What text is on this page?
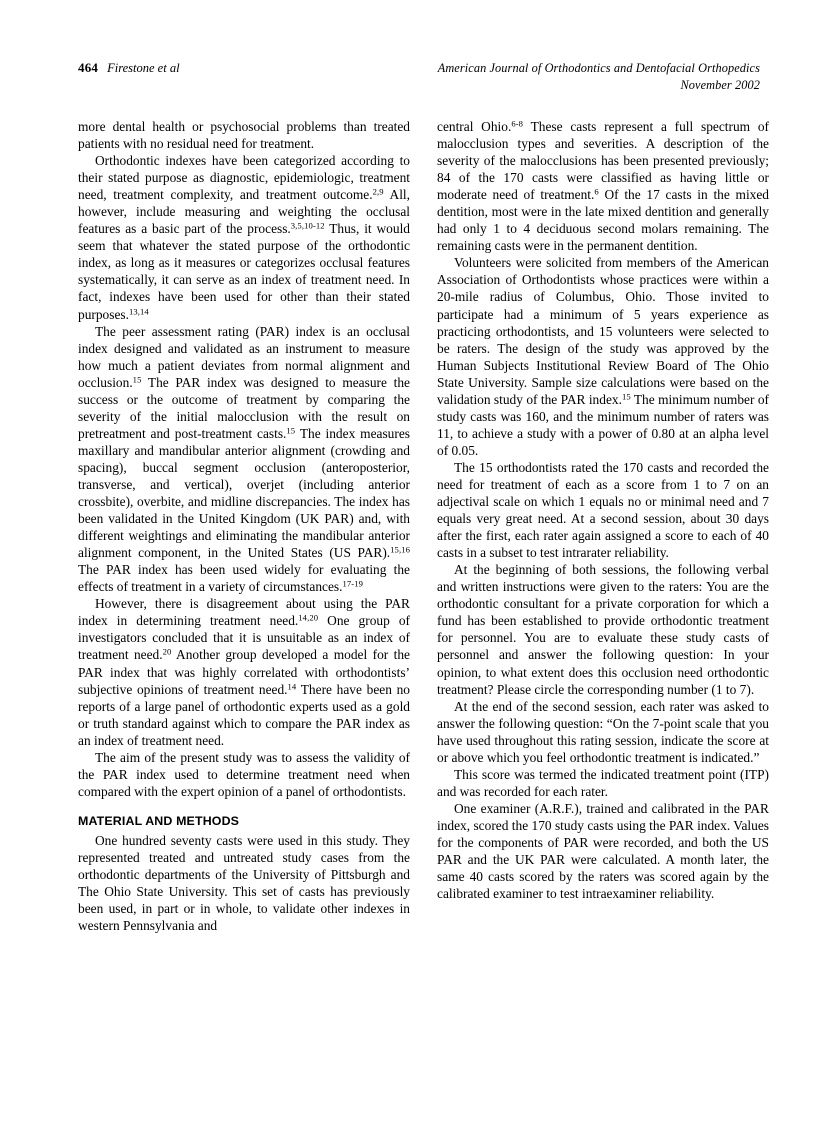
464 Firestone et al	American Journal of Orthodontics and Dentofacial Orthopedics
November 2002

more dental health or psychosocial problems than treated patients with no residual need for treatment.

Orthodontic indexes have been categorized according to their stated purpose as diagnostic, epidemiologic, treatment need, treatment complexity, and treatment outcome.$^{2,9}$ All, however, include measuring and weighting the occlusal features as a basic part of the process.$^{3,5,10-12}$ Thus, it would seem that whatever the stated purpose of the orthodontic index, as long as it measures or categorizes occlusal features systematically, it can serve as an index of treatment need. In fact, indexes have been used for other than their stated purposes.$^{13,14}$

The peer assessment rating (PAR) index is an occlusal index designed and validated as an instrument to measure how much a patient deviates from normal alignment and occlusion.$^{15}$ The PAR index was designed to measure the success or the outcome of treatment by comparing the severity of the initial malocclusion with the result on pretreatment and post-treatment casts.$^{15}$ The index measures maxillary and mandibular anterior alignment (crowding and spacing), buccal segment occlusion (anteroposterior, transverse, and vertical), overjet (including anterior crossbite), overbite, and midline discrepancies. The index has been validated in the United Kingdom (UK PAR) and, with different weightings and eliminating the mandibular anterior alignment component, in the United States (US PAR).$^{15,16}$ The PAR index has been used widely for evaluating the effects of treatment in a variety of circumstances.$^{17-19}$

However, there is disagreement about using the PAR index in determining treatment need.$^{14,20}$ One group of investigators concluded that it is unsuitable as an index of treatment need.$^{20}$ Another group developed a model for the PAR index that was highly correlated with orthodontists’ subjective opinions of treatment need.$^{14}$ There have been no reports of a large panel of orthodontic experts used as a gold or truth standard against which to compare the PAR index as an index of treatment need.

The aim of the present study was to assess the validity of the PAR index used to determine treatment need when compared with the expert opinion of a panel of orthodontists.

MATERIAL AND METHODS

One hundred seventy casts were used in this study. They represented treated and untreated study cases from the orthodontic departments of the University of Pittsburgh and The Ohio State University. This set of casts has previously been used, in part or in whole, to validate other indexes in western Pennsylvania and

central Ohio.$^{6-8}$ These casts represent a full spectrum of malocclusion types and severities. A description of the severity of the malocclusions has been presented previously; 84 of the 170 casts were classified as having little or moderate need of treatment.$^6$ Of the 17 casts in the mixed dentition, most were in the late mixed dentition and generally had only 1 to 4 deciduous second molars remaining. The remaining casts were in the permanent dentition.

Volunteers were solicited from members of the American Association of Orthodontists whose practices were within a 20-mile radius of Columbus, Ohio. Those invited to participate had a minimum of 5 years experience as practicing orthodontists, and 15 volunteers were selected to be raters. The design of the study was approved by the Human Subjects Institutional Review Board of The Ohio State University. Sample size calculations were based on the validation study of the PAR index.$^{15}$ The minimum number of study casts was 160, and the minimum number of raters was 11, to achieve a study with a power of 0.80 at an alpha level of 0.05.

The 15 orthodontists rated the 170 casts and recorded the need for treatment of each as a score from 1 to 7 on an adjectival scale on which 1 equals no or minimal need and 7 equals very great need. At a second session, about 30 days after the first, each rater again assigned a score to each of 40 casts in a subset to test intrarater reliability.

At the beginning of both sessions, the following verbal and written instructions were given to the raters: You are the orthodontic consultant for a private corporation for which a fund has been established to provide orthodontic treatment for personnel. You are to evaluate these study casts of personnel and answer the following question: In your opinion, to what extent does this occlusion need orthodontic treatment? Please circle the corresponding number (1 to 7).

At the end of the second session, each rater was asked to answer the following question: “On the 7-point scale that you have used throughout this rating session, indicate the score at or above which you feel orthodontic treatment is indicated.”

This score was termed the indicated treatment point (ITP) and was recorded for each rater.

One examiner (A.R.F.), trained and calibrated in the PAR index, scored the 170 study casts using the PAR index. Values for the components of PAR were recorded, and both the US PAR and the UK PAR were calculated. A month later, the same 40 casts scored by the raters was scored again by the calibrated examiner to test intraexaminer reliability.
